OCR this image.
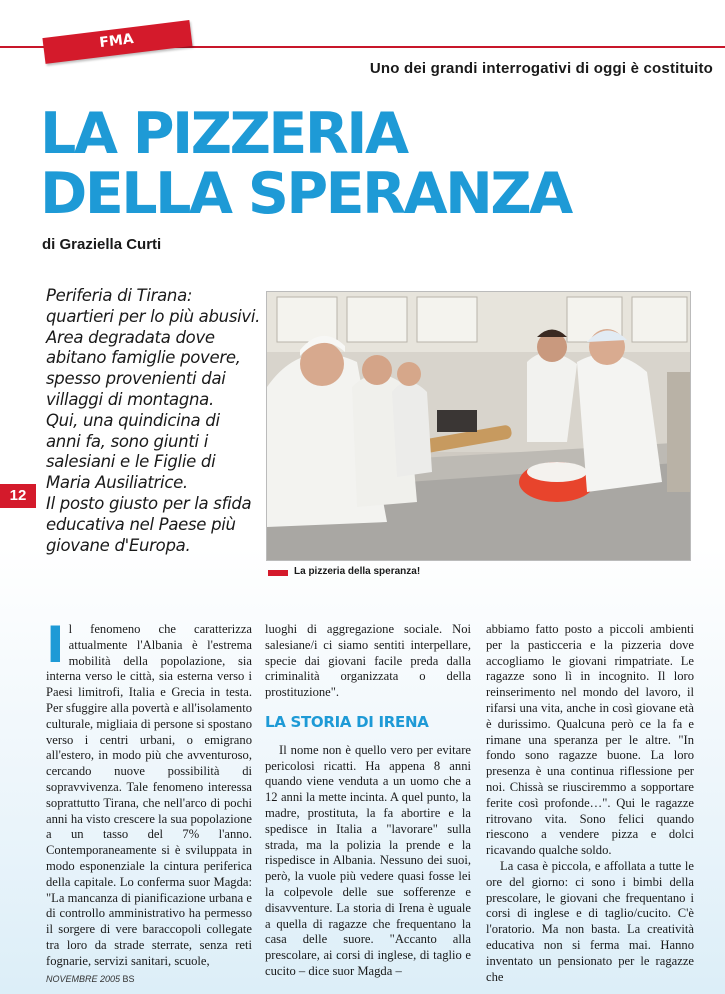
FMA
Uno dei grandi interrogativi di oggi è costituito
LA PIZZERIA
DELLA SPERANZA
di Graziella Curti

Periferia di Tirana:

quartieri per lo più abusivi.

Area degradata dove

abitano famiglie povere,

spesso provenienti dai

villaggi di montagna.

Qui, una quindicina di

anni fa, sono giunti i

salesiani e le Figlie di

Maria Ausiliatrice.

Il posto giusto per la sfida

educativa nel Paese più

giovane d'Europa.

12
La pizzeria della speranza!

Il fenomeno che caratterizza attualmente l'Albania è l'estrema mobilità della popolazione, sia interna verso le città, sia esterna verso i Paesi limitrofi, Italia e Grecia in testa. Per sfuggire alla povertà e all'isolamento culturale, migliaia di persone si spostano verso i centri urbani, o emigrano all'estero, in modo più che avventuroso, cercando nuove possibilità di sopravvivenza. Tale fenomeno interessa soprattutto Tirana, che nell'arco di pochi anni ha visto crescere la sua popolazione a un tasso del 7% l'anno. Contemporaneamente si è sviluppata in modo esponenziale la cintura periferica della capitale. Lo conferma suor Magda: "La mancanza di pianificazione urbana e di controllo amministrativo ha permesso il sorgere di vere baraccopoli collegate tra loro da strade sterrate, senza reti fognarie, servizi sanitari, scuole,

luoghi di aggregazione sociale. Noi salesiane/i ci siamo sentiti interpellare, specie dai giovani facile preda dalla criminalità organizzata o della prostituzione".

LA STORIA DI IRENA

Il nome non è quello vero per evitare pericolosi ricatti. Ha appena 8 anni quando viene venduta a un uomo che a 12 anni la mette incinta. A quel punto, la madre, prostituta, la fa abortire e la spedisce in Italia a "lavorare" sulla strada, ma la polizia la prende e la rispedisce in Albania. Nessuno dei suoi, però, la vuole più vedere quasi fosse lei la colpevole delle sue sofferenze e disavventure. La storia di Irena è uguale a quella di ragazze che frequentano la casa delle suore. "Accanto alla prescolare, ai corsi di inglese, di taglio e cucito – dice suor Magda –

abbiamo fatto posto a piccoli ambienti per la pasticceria e la pizzeria dove accogliamo le giovani rimpatriate. Le ragazze sono lì in incognito. Il loro reinserimento nel mondo del lavoro, il rifarsi una vita, anche in così giovane età è durissimo. Qualcuna però ce la fa e rimane una speranza per le altre. "In fondo sono ragazze buone. La loro presenza è una continua riflessione per noi. Chissà se riusciremmo a sopportare ferite così profonde…". Qui le ragazze ritrovano vita. Sono felici quando riescono a vendere pizza e dolci ricavando qualche soldo.

La casa è piccola, e affollata a tutte le ore del giorno: ci sono i bimbi della prescolare, le giovani che frequentano i corsi di inglese e di taglio/cucito. C'è l'oratorio. Ma non basta. La creatività educativa non si ferma mai. Hanno inventato un pensionato per le ragazze che

NOVEMBRE 2005 BS
